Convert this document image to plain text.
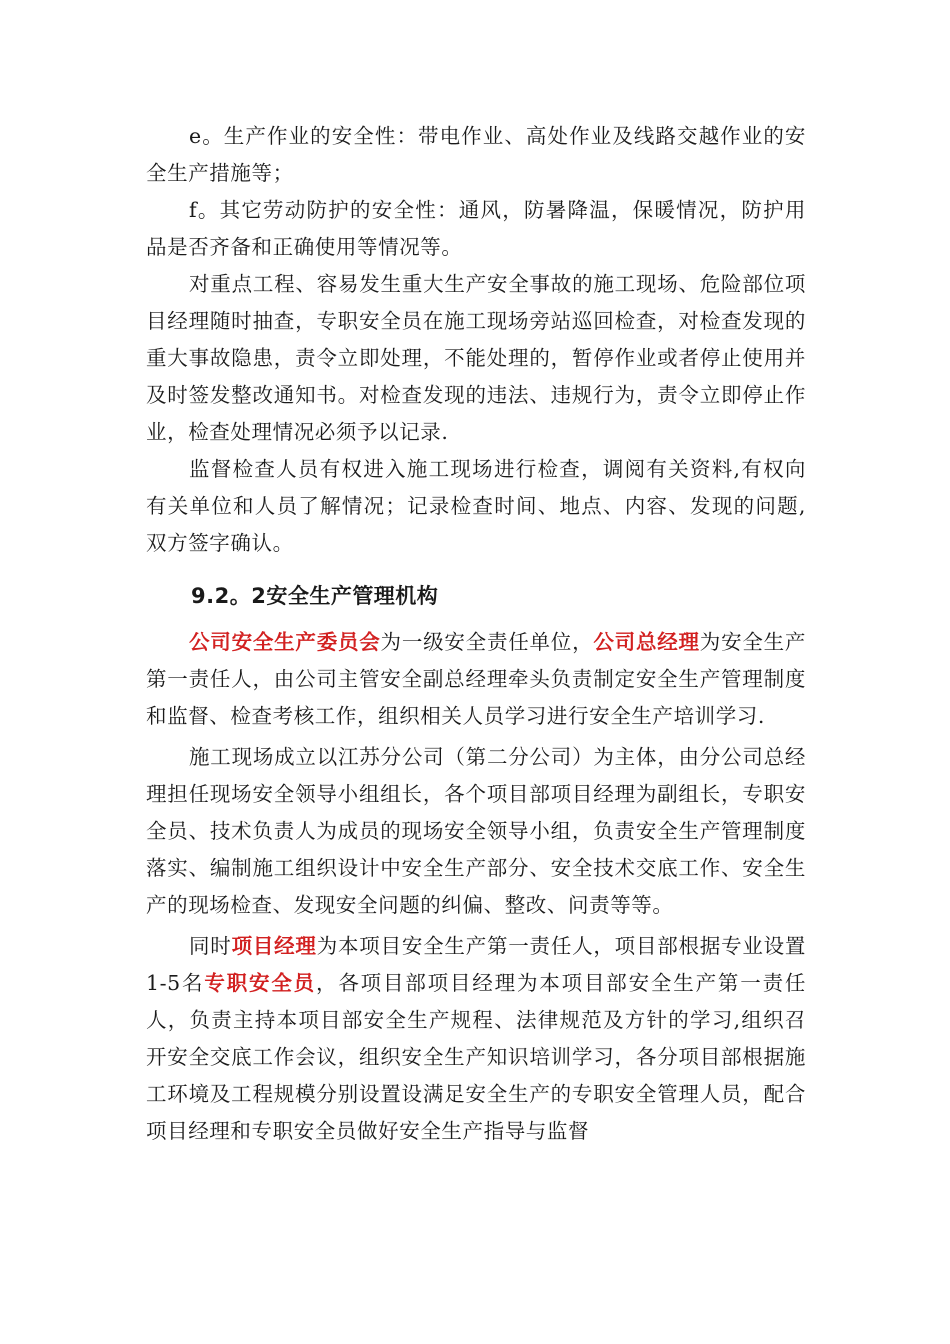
e。生产作业的安全性：带电作业、高处作业及线路交越作业的安全生产措施等；

f。其它劳动防护的安全性：通风，防暑降温，保暖情况，防护用品是否齐备和正确使用等情况等。

对重点工程、容易发生重大生产安全事故的施工现场、危险部位项目经理随时抽查，专职安全员在施工现场旁站巡回检查，对检查发现的重大事故隐患，责令立即处理，不能处理的，暂停作业或者停止使用并及时签发整改通知书。对检查发现的违法、违规行为，责令立即停止作业，检查处理情况必须予以记录.

监督检查人员有权进入施工现场进行检查，调阅有关资料,有权向有关单位和人员了解情况；记录检查时间、地点、内容、发现的问题,双方签字确认。

9.2。2安全生产管理机构

公司安全生产委员会为一级安全责任单位，公司总经理为安全生产第一责任人，由公司主管安全副总经理牵头负责制定安全生产管理制度和监督、检查考核工作，组织相关人员学习进行安全生产培训学习.

施工现场成立以江苏分公司（第二分公司）为主体，由分公司总经理担任现场安全领导小组组长，各个项目部项目经理为副组长，专职安全员、技术负责人为成员的现场安全领导小组，负责安全生产管理制度落实、编制施工组织设计中安全生产部分、安全技术交底工作、安全生产的现场检查、发现安全问题的纠偏、整改、问责等等。

同时项目经理为本项目安全生产第一责任人，项目部根据专业设置1-5名专职安全员，各项目部项目经理为本项目部安全生产第一责任人，负责主持本项目部安全生产规程、法律规范及方针的学习,组织召开安全交底工作会议，组织安全生产知识培训学习，各分项目部根据施工环境及工程规模分别设置设满足安全生产的专职安全管理人员，配合项目经理和专职安全员做好安全生产指导与监督
